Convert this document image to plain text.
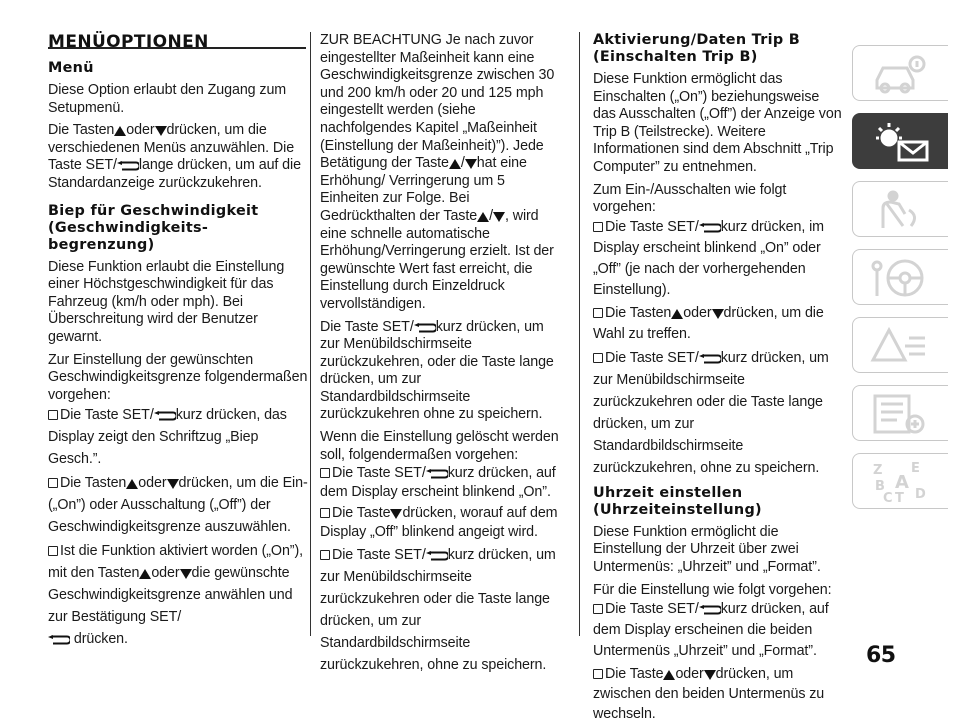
MENÜOPTIONEN
Menü

Diese Option erlaubt den Zugang zum Setupmenü.

Die Tasten oder drücken, um die verschiedenen Menüs anzuwählen. Die Taste SET/ lange drücken, um auf die Standardanzeige zurückzukehren.

Biep für Geschwindigkeit (Geschwindigkeits-begrenzung)

Diese Funktion erlaubt die Einstellung einer Höchstgeschwindigkeit für das Fahrzeug (km/h oder mph). Bei Überschreitung wird der Benutzer gewarnt.

Zur Einstellung der gewünschten Geschwindigkeitsgrenze folgendermaßen vorgehen:

Die Taste SET/ kurz drücken, das Display zeigt den Schriftzug „Biep Gesch.”.
Die Tasten oder drücken, um die Ein- („On”) oder Ausschaltung („Off”) der Geschwindigkeitsgrenze auszuwählen.
Ist die Funktion aktiviert worden („On”), mit den Tasten oder die gewünschte Geschwindigkeitsgrenze anwählen und zur Bestätigung SET/

drücken.

ZUR BEACHTUNG Je nach zuvor eingestellter Maßeinheit kann eine Geschwindigkeitsgrenze zwischen 30 und 200 km/h oder 20 und 125 mph eingestellt werden (siehe nachfolgendes Kapitel „Maßeinheit (Einstellung der Maßeinheit)”). Jede Betätigung der Taste / hat eine Erhöhung/ Verringerung um 5 Einheiten zur Folge. Bei Gedrückthalten der Taste / , wird eine schnelle automatische Erhöhung/Verringerung erzielt. Ist der gewünschte Wert fast erreicht, die Einstellung durch Einzeldruck vervollständigen.

Die Taste SET/ kurz drücken, um zur Menübildschirmseite zurückzukehren, oder die Taste lange drücken, um zur Standardbildschirmseite zurückzukehren ohne zu speichern.

Wenn die Einstellung gelöscht werden soll, folgendermaßen vorgehen:

Die Taste SET/ kurz drücken, auf dem Display erscheint blinkend „On”.
Die Taste drücken, worauf auf dem Display „Off” blinkend angeigt wird.
Die Taste SET/ kurz drücken, um zur Menübildschirmseite zurückzukehren oder die Taste lange drücken, um zur Standardbildschirmseite zurückzukehren, ohne zu speichern.
Aktivierung/Daten Trip B (Einschalten Trip B)

Diese Funktion ermöglicht das Einschalten („On”) beziehungsweise das Ausschalten („Off”) der Anzeige von Trip B (Teilstrecke). Weitere Informationen sind dem Abschnitt „Trip Computer” zu entnehmen.

Zum Ein-/Ausschalten wie folgt vorgehen:

Die Taste SET/ kurz drücken, im Display erscheint blinkend „On” oder „Off” (je nach der vorhergehenden Einstellung).
Die Tasten oder drücken, um die Wahl zu treffen.
Die Taste SET/ kurz drücken, um zur Menübildschirmseite zurückzukehren oder die Taste lange drücken, um zur Standardbildschirmseite zurückzukehren, ohne zu speichern.
Uhrzeit einstellen (Uhrzeiteinstellung)

Diese Funktion ermöglicht die Einstellung der Uhrzeit über zwei Untermenüs: „Uhrzeit” und „Format”.

Für die Einstellung wie folgt vorgehen:

Die Taste SET/ kurz drücken, auf dem Display erscheinen die beiden Untermenüs „Uhrzeit” und „Format”.
Die Taste oder drücken, um zwischen den beiden Untermenüs zu wechseln.
Z E
B A
C T D
65
